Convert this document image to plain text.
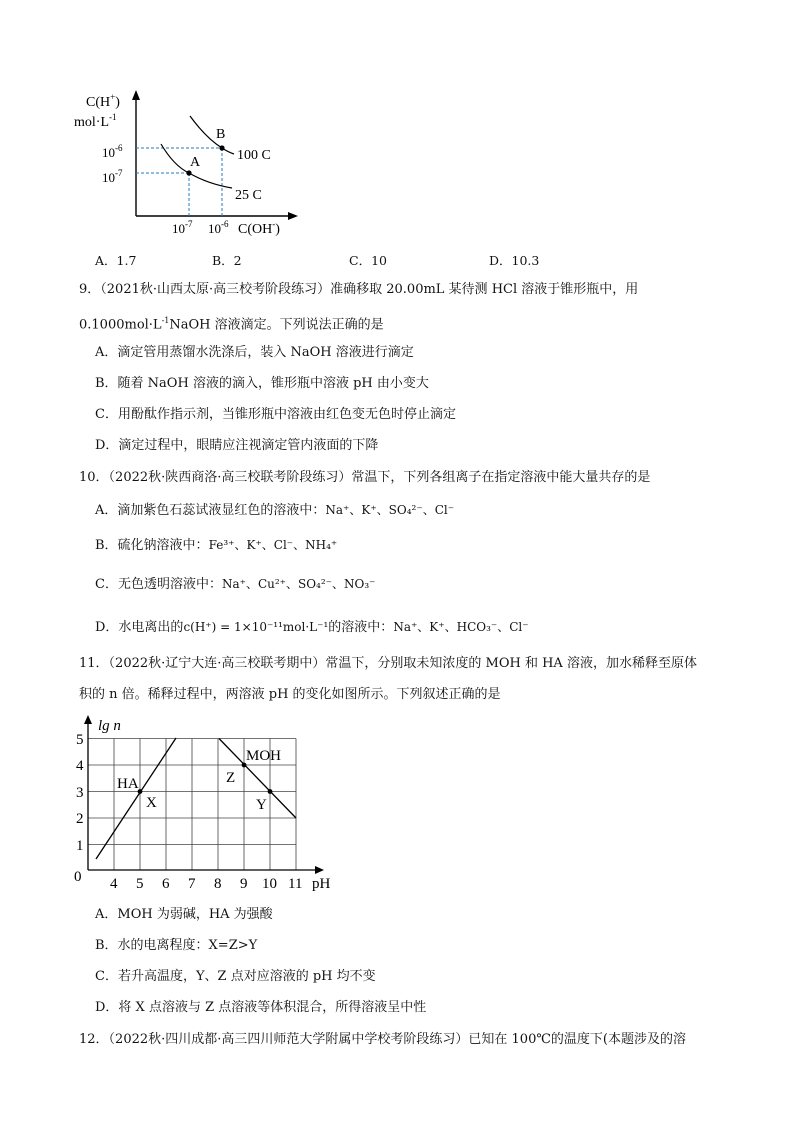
C(H+)
$mol\cdot L^{-1}$
$10^{-6}$
$10^{-7}$
$10^{-7}$ $10^{-6}$ C(OH-)
B
A	100 C
25 C
A．1.7	B．2	C．10	D．10.3
9．（2021秋·山西太原·高三校考阶段练习）准确移取 20.00mL 某待测 HCl 溶液于锥形瓶中，用
$0.1000mol\cdot L^{-1}NaOH$ 溶液滴定。下列说法正确的是
A．滴定管用蒸馏水洗涤后，装入 NaOH 溶液进行滴定
B．随着 NaOH 溶液的滴入，锥形瓶中溶液 pH 由小变大
C．用酚酞作指示剂，当锥形瓶中溶液由红色变无色时停止滴定
D．滴定过程中，眼睛应注视滴定管内液面的下降
10．（2022秋·陕西商洛·高三校联考阶段练习）常温下，下列各组离子在指定溶液中能大量共存的是
A．滴加紫色石蕊试液显红色的溶液中：Na⁺、K⁺、SO₄²⁻、Cl⁻
B．硫化钠溶液中：Fe³⁺、K⁺、Cl⁻、NH₄⁺
C．无色透明溶液中：Na⁺、Cu²⁺、SO₄²⁻、NO₃⁻
D．水电离出的c(H⁺) = 1×10⁻¹¹mol·L⁻¹的溶液中：Na⁺、K⁺、HCO₃⁻、Cl⁻
11．（2022秋·辽宁大连·高三校联考期中）常温下，分别取未知浓度的 MOH 和 HA 溶液，加水稀释至原体
积的 n 倍。稀释过程中，两溶液 pH 的变化如图所示。下列叙述正确的是
lg n
5
4
3
2
1
0 4 5 6 7 8 9 10 11 pH
HA
X
MOH
Z
Y
A．MOH 为弱碱，HA 为强酸
B．水的电离程度：X=Z>Y
C．若升高温度，Y、Z 点对应溶液的 pH 均不变
D．将 X 点溶液与 Z 点溶液等体积混合，所得溶液呈中性
12．（2022秋·四川成都·高三四川师范大学附属中学校考阶段练习）已知在 100℃的温度下(本题涉及的溶
